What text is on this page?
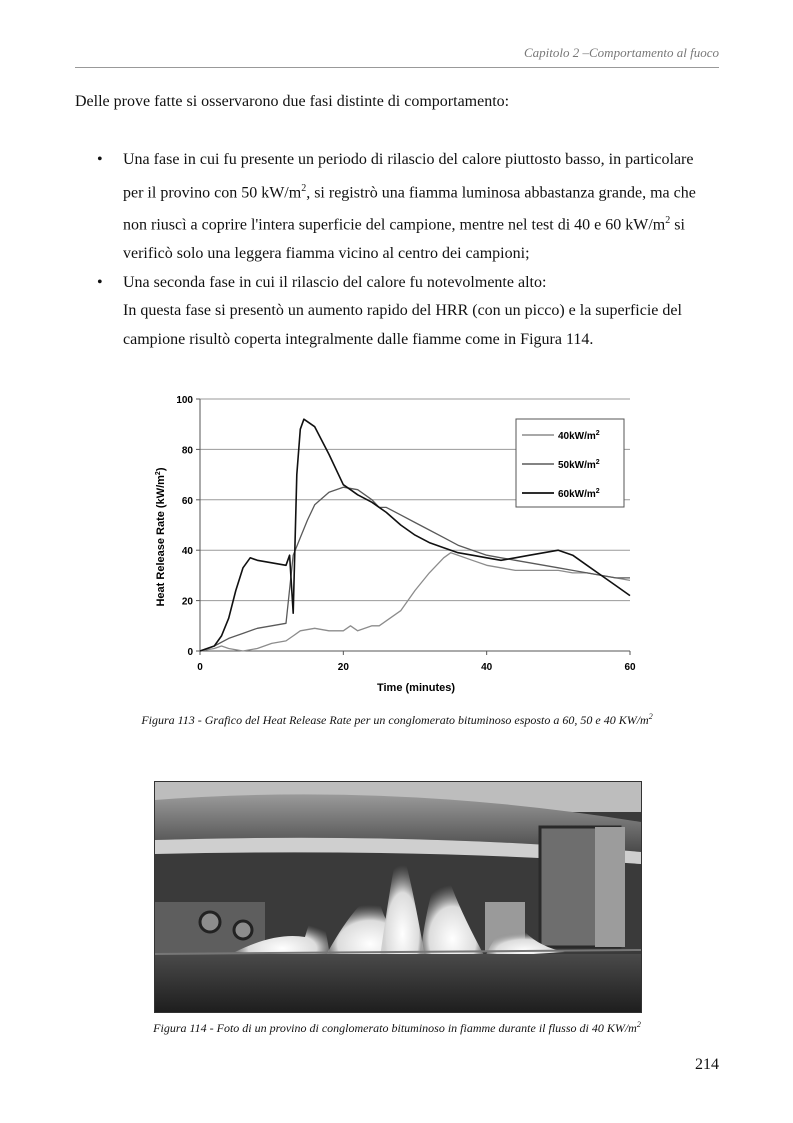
Capitolo 2 –Comportamento al fuoco
Delle prove fatte si osservarono due fasi distinte di comportamento:
• Una fase in cui fu presente un periodo di rilascio del calore piuttosto basso, in particolare
per il provino con 50 $kW/m^2$, si registrò una fiamma luminosa abbastanza grande, ma che
non riuscì a coprire l'intera superficie del campione, mentre nel test di 40 e 60 $kW/m^2$ si
verificò solo una leggera fiamma vicino al centro dei campioni;
• Una seconda fase in cui il rilascio del calore fu notevolmente alto:
In questa fase si presentò un aumento rapido del HRR (con un picco) e la superficie del
campione risultò coperta integralmente dalle fiamme come in Figura 114.
0
20
40
60
80
100
0	20	40	60
$40kW/m^2$
$50kW/m^2$
$60kW/m^2$
Time (minutes)
Heat Release Rate $(kW/m^2)$
Figura 113 - Grafico del Heat Release Rate per un conglomerato bituminoso esposto a 60, 50 e 40 $KW/m^2$
Figura 114 - Foto di un provino di conglomerato bituminoso in fiamme durante il flusso di 40 $KW/m^2$
214
